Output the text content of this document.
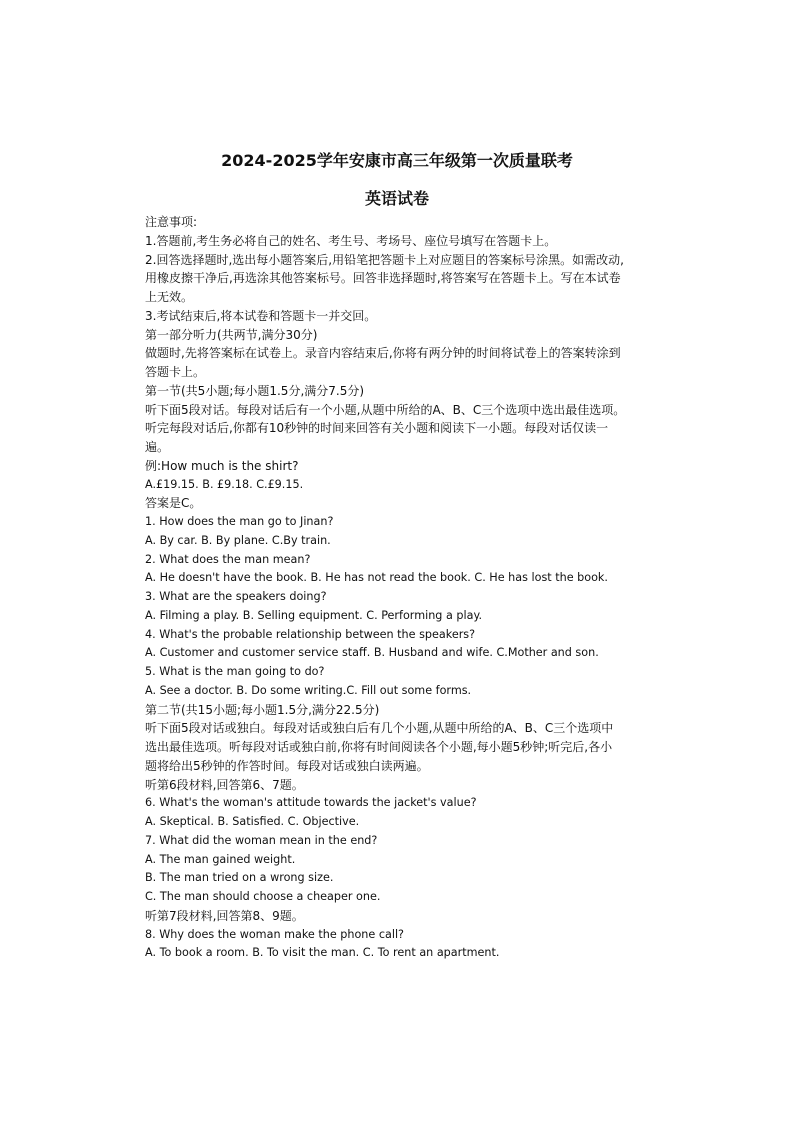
2024-2025学年安康市高三年级第一次质量联考
英语试卷
注意事项:
1.答题前,考生务必将自己的姓名、考生号、考场号、座位号填写在答题卡上。
2.回答选择题时,选出每小题答案后,用铅笔把答题卡上对应题目的答案标号涂黑。如需改动,
用橡皮擦干净后,再选涂其他答案标号。回答非选择题时,将答案写在答题卡上。写在本试卷
上无效。
3.考试结束后,将本试卷和答题卡一并交回。
第一部分听力(共两节,满分30分)
做题时,先将答案标在试卷上。录音内容结束后,你将有两分钟的时间将试卷上的答案转涂到
答题卡上。
第一节(共5小题;每小题1.5分,满分7.5分)
听下面5段对话。每段对话后有一个小题,从题中所给的A、B、C三个选项中选出最佳选项。
听完每段对话后,你都有10秒钟的时间来回答有关小题和阅读下一小题。每段对话仅读一
遍。
例:How much is the shirt?
A.£19.15. B. £9.18. C.£9.15.
答案是C。
1. How does the man go to Jinan?
A. By car. B. By plane. C.By train.
2. What does the man mean?
A. He doesn't have the book. B. He has not read the book. C. He has lost the book.
3. What are the speakers doing?
A. Filming a play. B. Selling equipment. C. Performing a play.
4. What's the probable relationship between the speakers?
A. Customer and customer service staff. B. Husband and wife. C.Mother and son.
5. What is the man going to do?
A. See a doctor. B. Do some writing.C. Fill out some forms.
第二节(共15小题;每小题1.5分,满分22.5分)
听下面5段对话或独白。每段对话或独白后有几个小题,从题中所给的A、B、C三个选项中
选出最佳选项。听每段对话或独白前,你将有时间阅读各个小题,每小题5秒钟;听完后,各小
题将给出5秒钟的作答时间。每段对话或独白读两遍。
听第6段材料,回答第6、7题。
6. What's the woman's attitude towards the jacket's value?
A. Skeptical. B. Satisfied. C. Objective.
7. What did the woman mean in the end?
A. The man gained weight.
B. The man tried on a wrong size.
C. The man should choose a cheaper one.
听第7段材料,回答第8、9题。
8. Why does the woman make the phone call?
A. To book a room. B. To visit the man. C. To rent an apartment.
